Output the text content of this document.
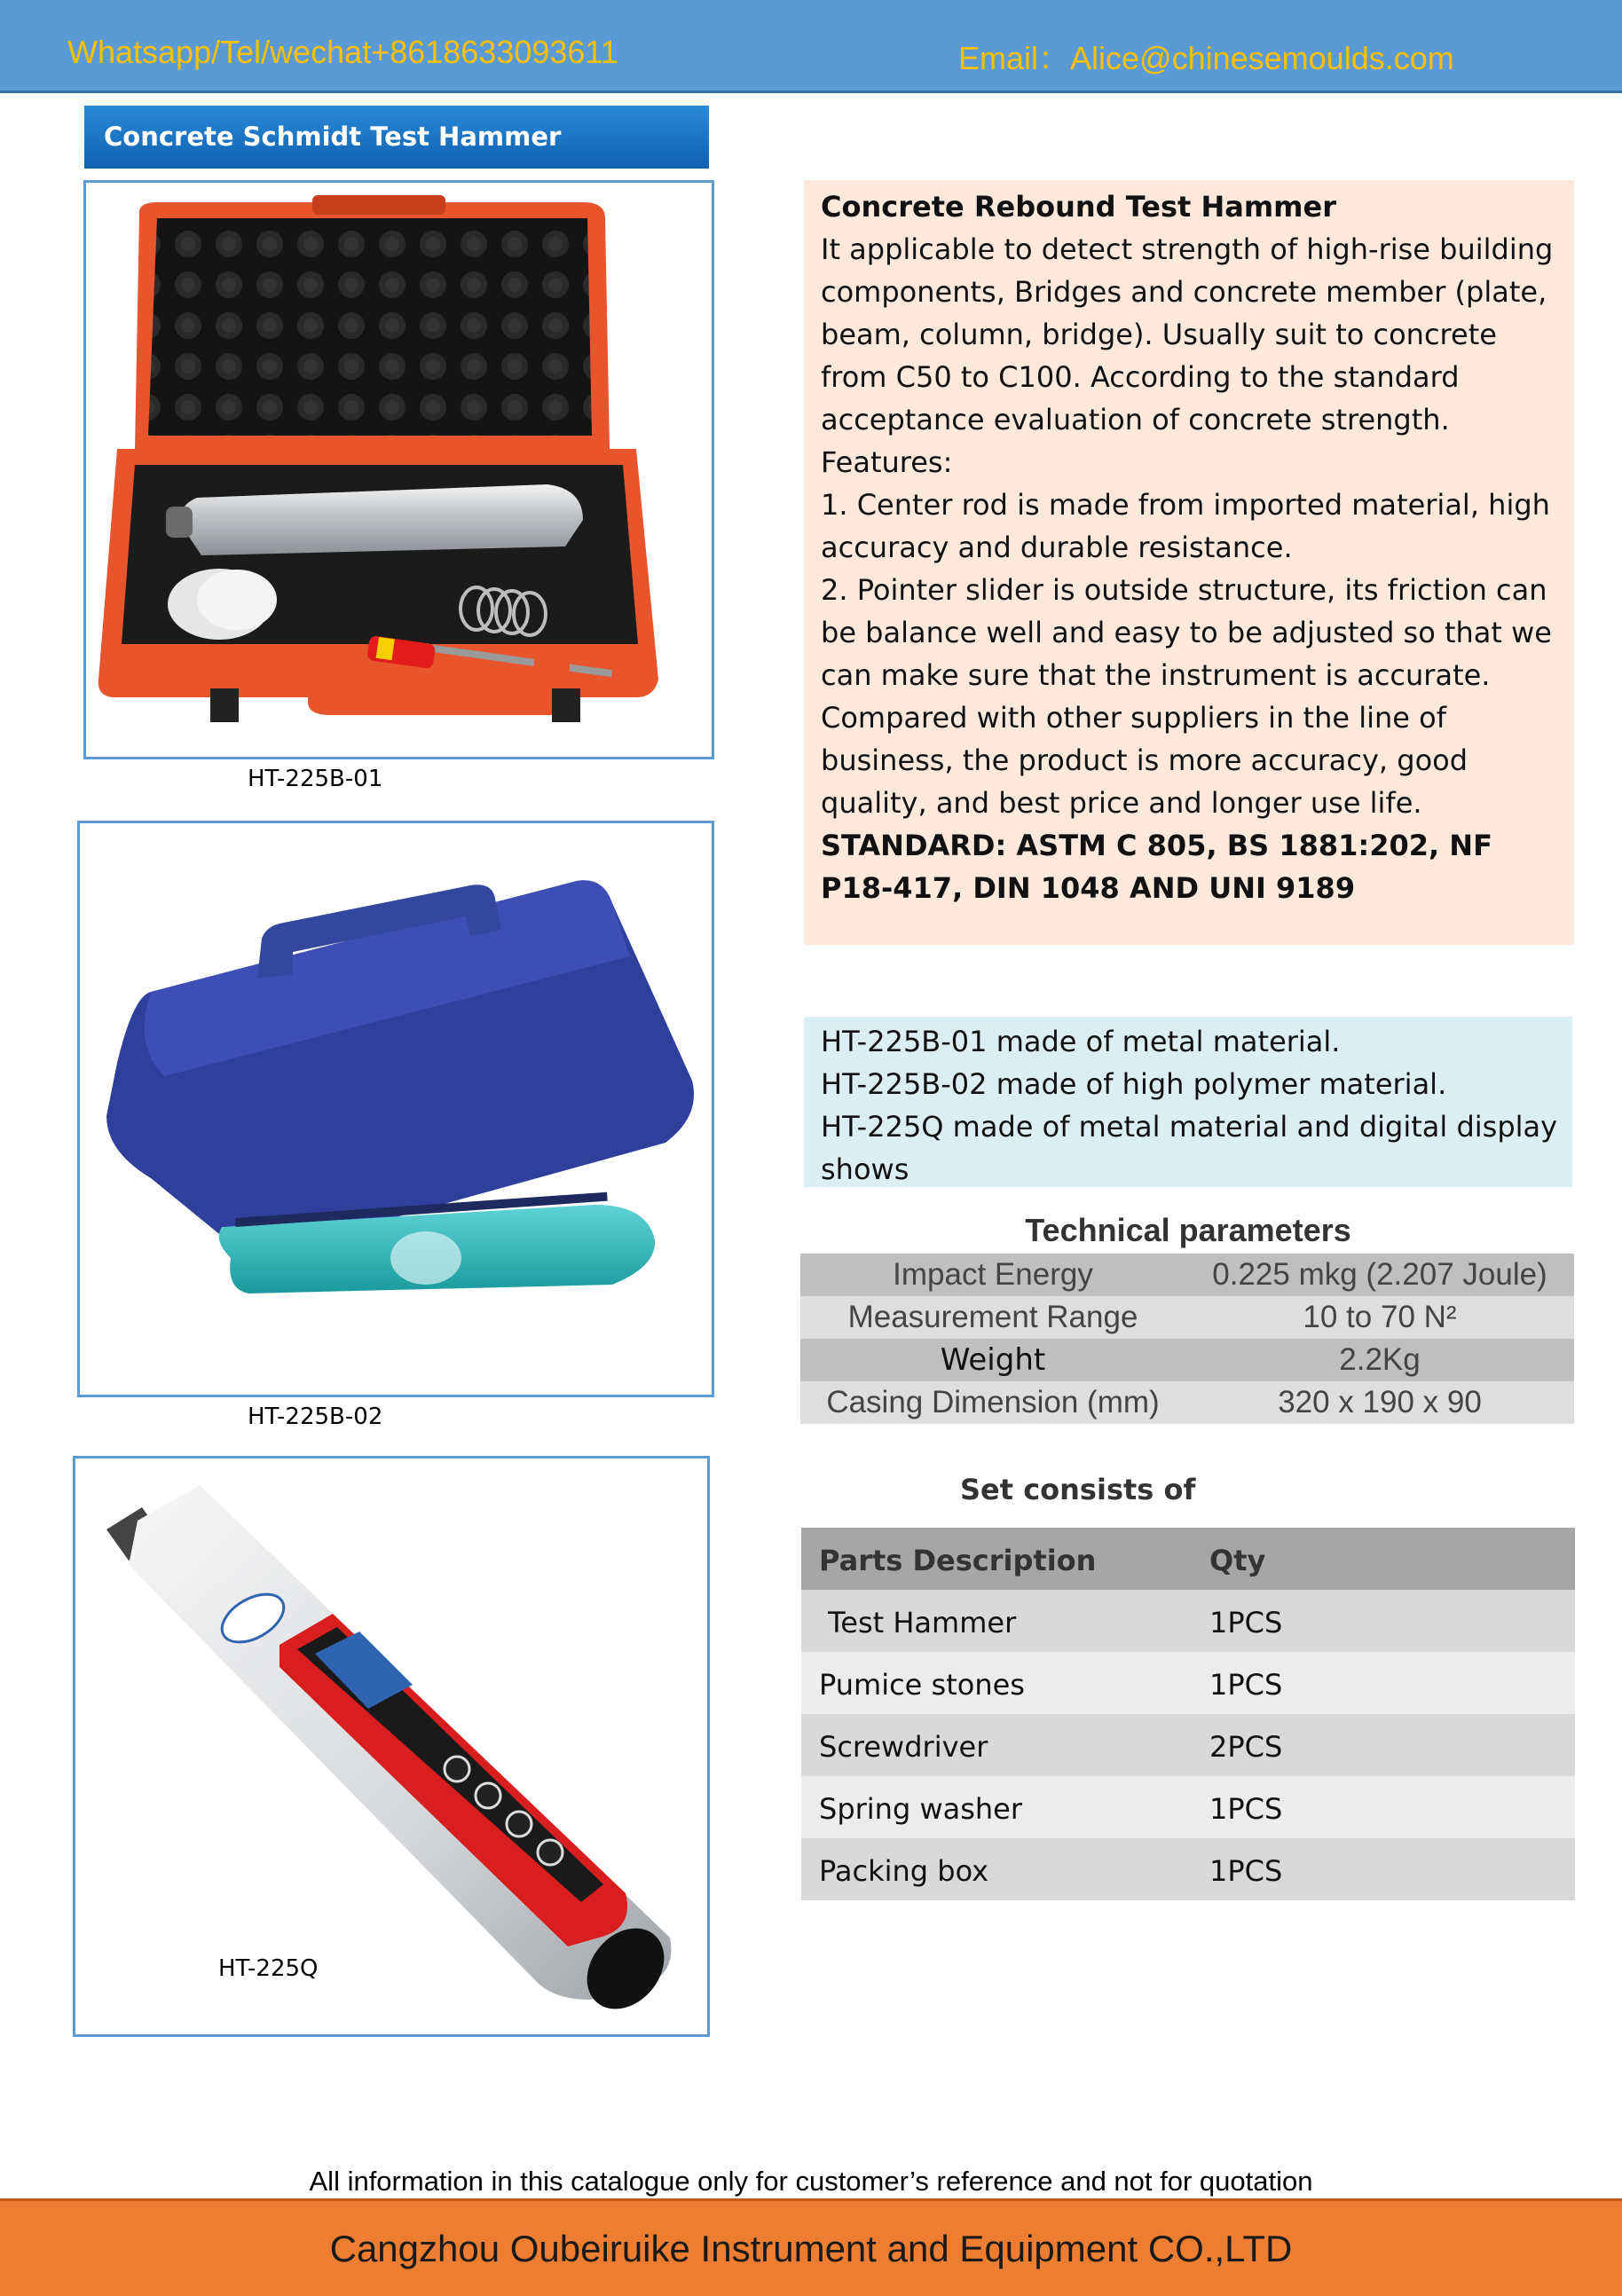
Whatsapp/Tel/wechat+8618633093611	Email：Alice@chinesemoulds.com
Concrete Schmidt Test Hammer
HT-225B-01
HT-225B-02
HT-225Q

Concrete Rebound Test Hammer

It applicable to detect strength of high-rise building components, Bridges and concrete member (plate, beam, column, bridge). Usually suit to concrete from C50 to C100. According to the standard acceptance evaluation of concrete strength.

Features:

1. Center rod is made from imported material, high accuracy and durable resistance.

2. Pointer slider is outside structure, its friction can be balance well and easy to be adjusted so that we can make sure that the instrument is accurate. Compared with other suppliers in the line of business, the product is more accuracy, good quality, and best price and longer use life.

STANDARD: ASTM C 805, BS 1881:202, NF P18-417, DIN 1048 AND UNI 9189

HT-225B-01 made of metal material.

HT-225B-02 made of high polymer material.

HT-225Q made of metal material and digital display shows

Technical parameters
Impact Energy	0.225 mkg (2.207 Joule)
Measurement Range	10 to 70 N²
Weight	2.2Kg
Casing Dimension (mm)	320 x 190 x 90
Set consists of
Parts Description	Qty
Test Hammer	1PCS
Pumice stones	1PCS
Screwdriver	2PCS
Spring washer	1PCS
Packing box	1PCS
All information in this catalogue only for customer’s reference and not for quotation
Cangzhou Oubeiruike Instrument and Equipment CO.,LTD
